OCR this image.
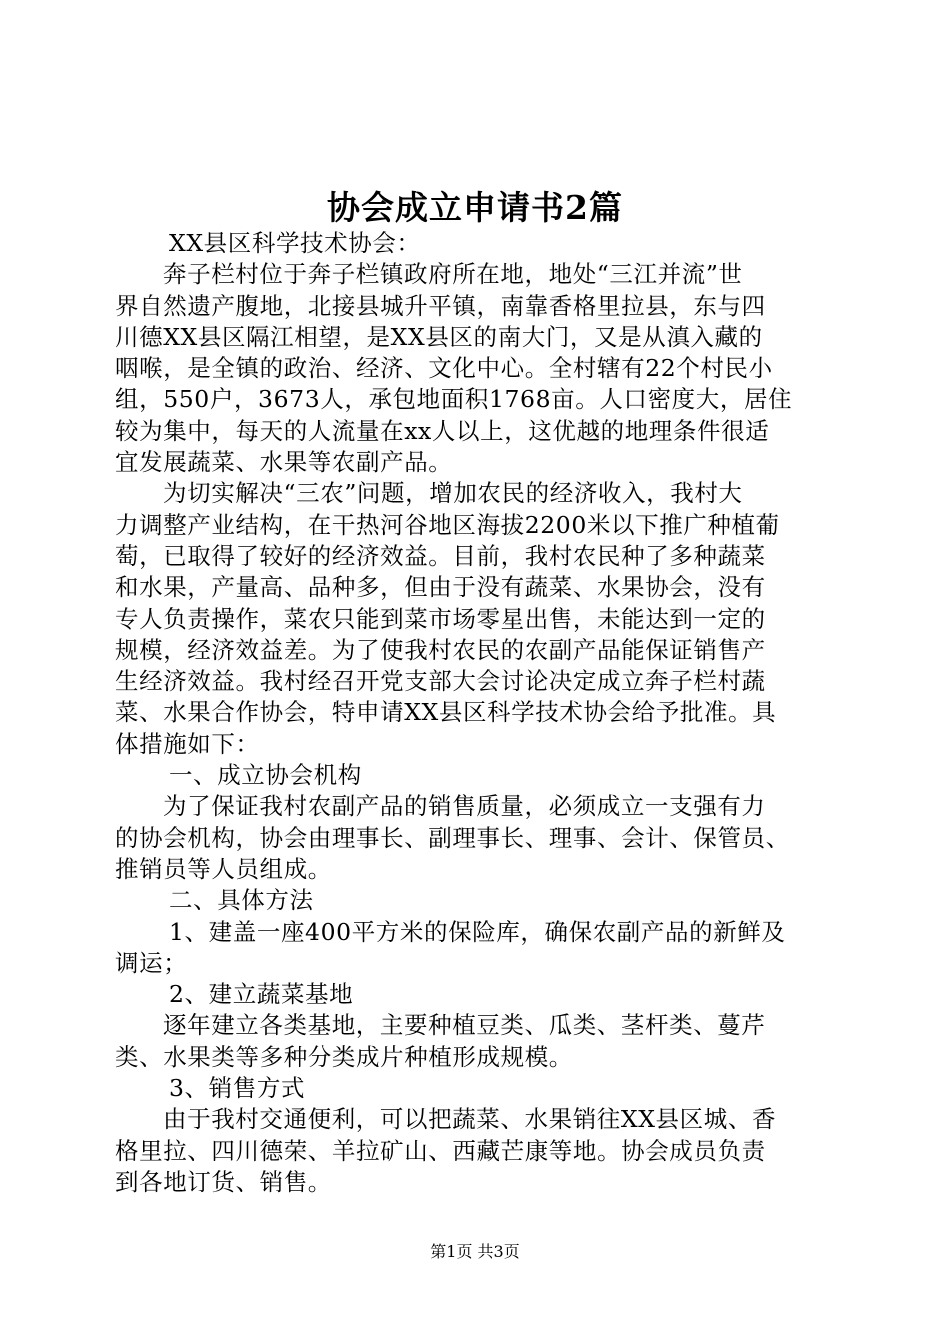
协会成立申请书2篇
XX县区科学技术协会：
奔子栏村位于奔子栏镇政府所在地，地处“三江并流”世
界自然遗产腹地，北接县城升平镇，南靠香格里拉县，东与四
川德XX县区隔江相望，是XX县区的南大门，又是从滇入藏的
咽喉，是全镇的政治、经济、文化中心。全村辖有22个村民小
组，550户，3673人，承包地面积1768亩。人口密度大，居住
较为集中，每天的人流量在xx人以上，这优越的地理条件很适
宜发展蔬菜、水果等农副产品。
为切实解决“三农”问题，增加农民的经济收入，我村大
力调整产业结构，在干热河谷地区海拔2200米以下推广种植葡
萄，已取得了较好的经济效益。目前，我村农民种了多种蔬菜
和水果，产量高、品种多，但由于没有蔬菜、水果协会，没有
专人负责操作，菜农只能到菜市场零星出售，未能达到一定的
规模，经济效益差。为了使我村农民的农副产品能保证销售产
生经济效益。我村经召开党支部大会讨论决定成立奔子栏村蔬
菜、水果合作协会，特申请XX县区科学技术协会给予批准。具
体措施如下：
一、成立协会机构
为了保证我村农副产品的销售质量，必须成立一支强有力
的协会机构，协会由理事长、副理事长、理事、会计、保管员、
推销员等人员组成。
二、具体方法
1、建盖一座400平方米的保险库，确保农副产品的新鲜及
调运；
2、建立蔬菜基地
逐年建立各类基地，主要种植豆类、瓜类、茎杆类、蔓芹
类、水果类等多种分类成片种植形成规模。
3、销售方式
由于我村交通便利，可以把蔬菜、水果销往XX县区城、香
格里拉、四川德荣、羊拉矿山、西藏芒康等地。协会成员负责
到各地订货、销售。
第1页 共3页
